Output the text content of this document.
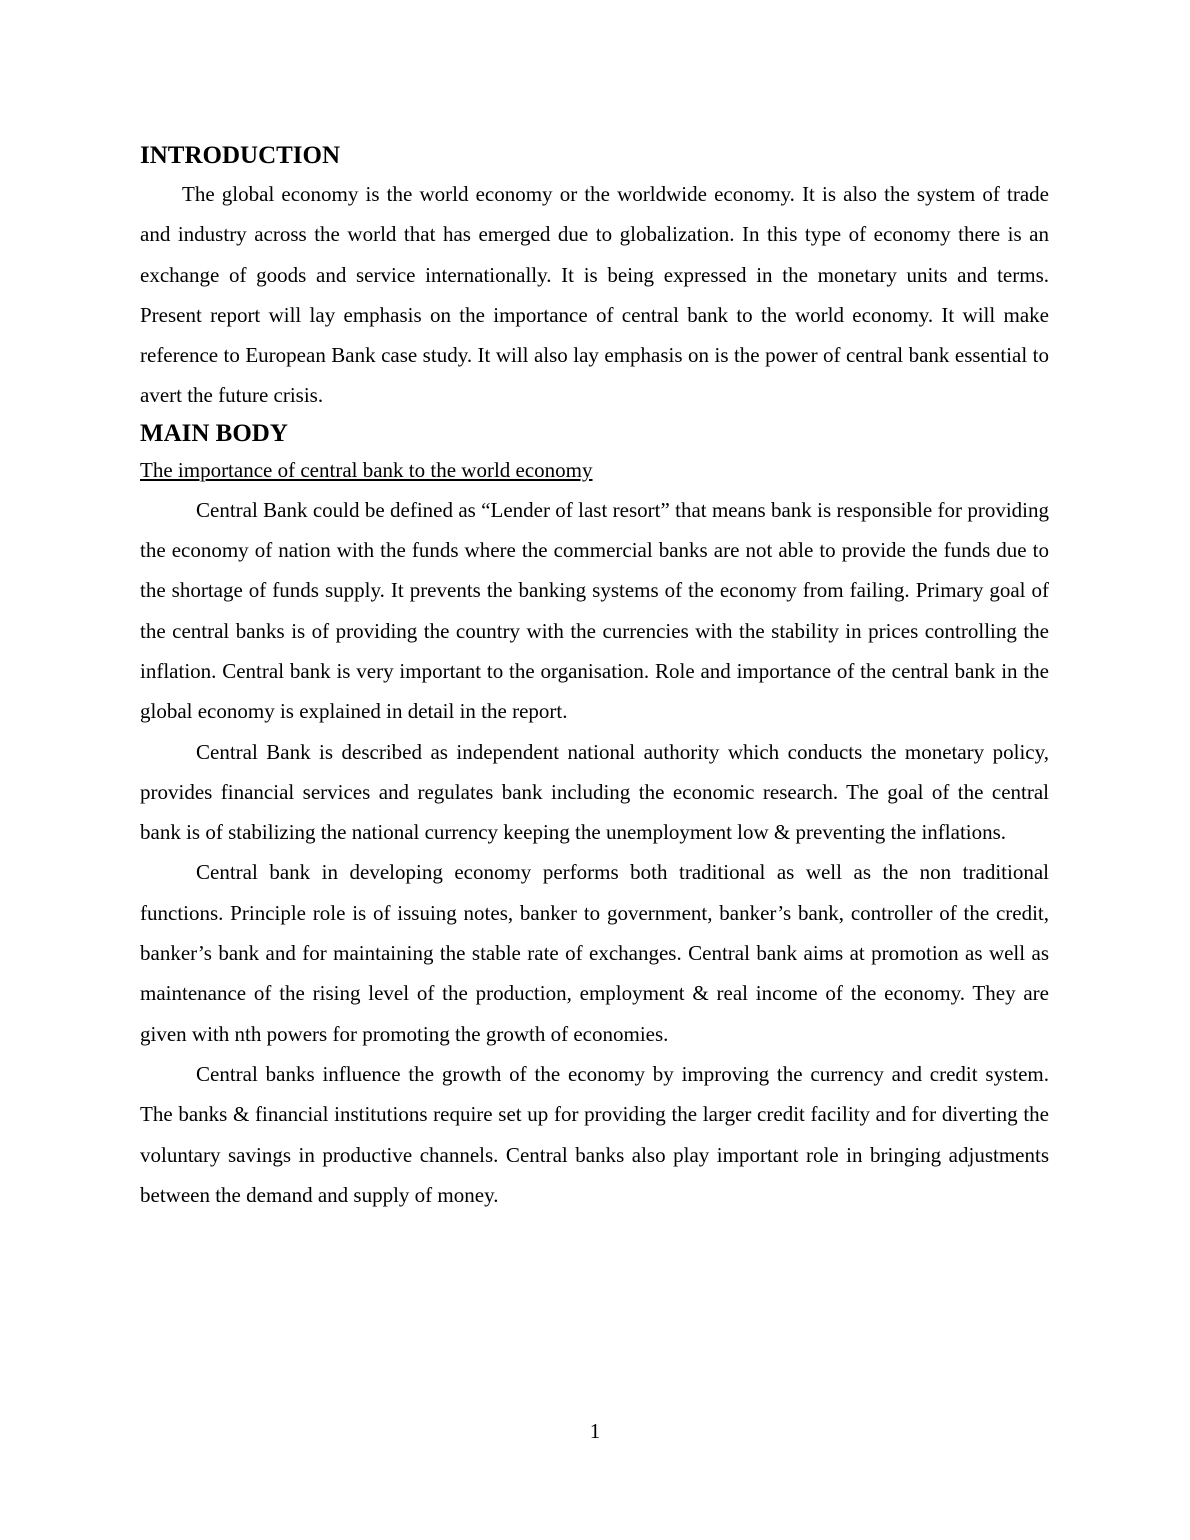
INTRODUCTION

The global economy is the world economy or the worldwide economy. It is also the system of trade and industry across the world that has emerged due to globalization. In this type of economy there is an exchange of goods and service internationally. It is being expressed in the monetary units and terms. Present report will lay emphasis on the importance of central bank to the world economy. It will make reference to European Bank case study. It will also lay emphasis on is the power of central bank essential to avert the future crisis.

MAIN BODY

The importance of central bank to the world economy

Central Bank could be defined as “Lender of last resort” that means bank is responsible for providing the economy of nation with the funds where the commercial banks are not able to provide the funds due to the shortage of funds supply. It prevents the banking systems of the economy from failing. Primary goal of the central banks is of providing the country with the currencies with the stability in prices controlling the inflation. Central bank is very important to the organisation. Role and importance of the central bank in the global economy is explained in detail in the report.

Central Bank is described as independent national authority which conducts the monetary policy, provides financial services and regulates bank including the economic research. The goal of the central bank is of stabilizing the national currency keeping the unemployment low & preventing the inflations.

Central bank in developing economy performs both traditional as well as the non traditional functions. Principle role is of issuing notes, banker to government, banker’s bank, controller of the credit, banker’s bank and for maintaining the stable rate of exchanges. Central bank aims at promotion as well as maintenance of the rising level of the production, employment & real income of the economy. They are given with nth powers for promoting the growth of economies.

Central banks influence the growth of the economy by improving the currency and credit system. The banks & financial institutions require set up for providing the larger credit facility and for diverting the voluntary savings in productive channels. Central banks also play important role in bringing adjustments between the demand and supply of money.

1
